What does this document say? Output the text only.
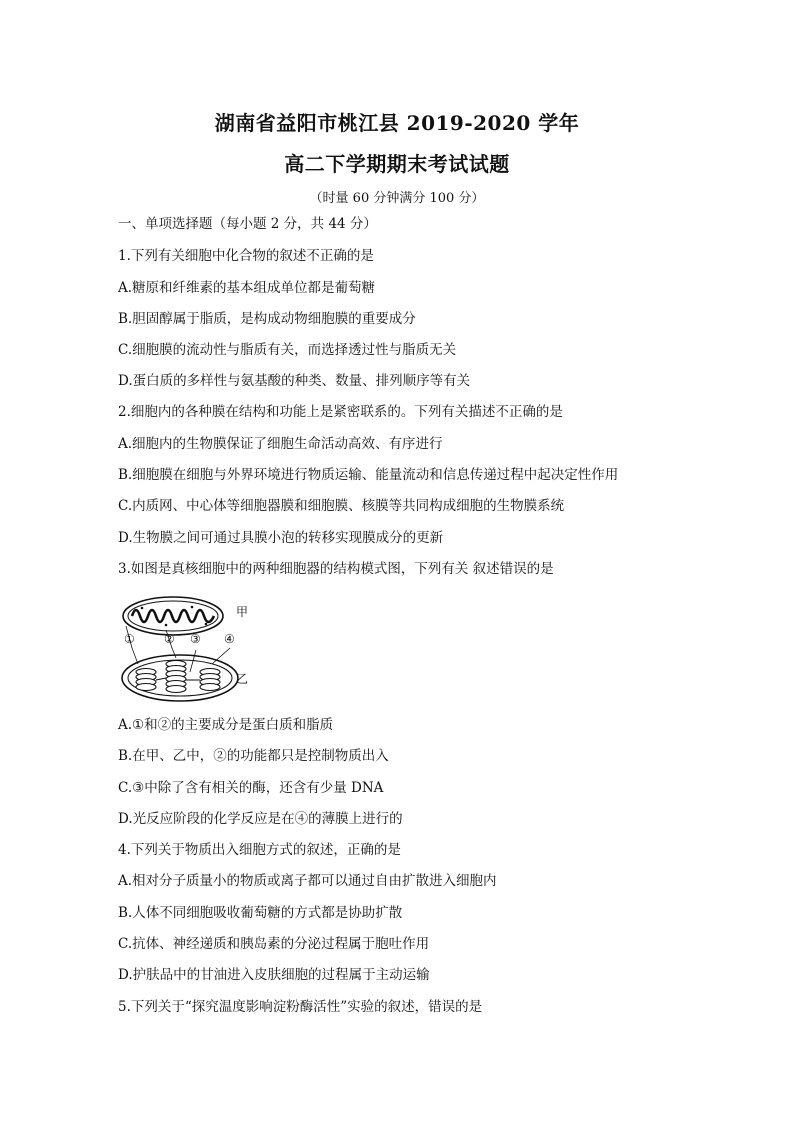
湖南省益阳市桃江县 2019-2020 学年
高二下学期期末考试试题
（时量 60 分钟满分 100 分）
一、单项选择题（每小题 2 分，共 44 分）
1.下列有关细胞中化合物的叙述不正确的是
A.糖原和纤维素的基本组成单位都是葡萄糖
B.胆固醇属于脂质，是构成动物细胞膜的重要成分
C.细胞膜的流动性与脂质有关，而选择透过性与脂质无关
D.蛋白质的多样性与氨基酸的种类、数量、排列顺序等有关
2.细胞内的各种膜在结构和功能上是紧密联系的。下列有关描述不正确的是
A.细胞内的生物膜保证了细胞生命活动高效、有序进行
B.细胞膜在细胞与外界环境进行物质运输、能量流动和信息传递过程中起决定性作用
C.内质网、中心体等细胞器膜和细胞膜、核膜等共同构成细胞的生物膜系统
D.生物膜之间可通过具膜小泡的转移实现膜成分的更新
3.如图是真核细胞中的两种细胞器的结构模式图，下列有关 叙述错误的是
甲
乙
① ② ③ ④
A.①和②的主要成分是蛋白质和脂质
B.在甲、乙中，②的功能都只是控制物质出入
C.③中除了含有相关的酶，还含有少量 DNA
D.光反应阶段的化学反应是在④的薄膜上进行的
4.下列关于物质出入细胞方式的叙述，正确的是
A.相对分子质量小的物质或离子都可以通过自由扩散进入细胞内
B.人体不同细胞吸收葡萄糖的方式都是协助扩散
C.抗体、神经递质和胰岛素的分泌过程属于胞吐作用
D.护肤品中的甘油进入皮肤细胞的过程属于主动运输
5.下列关于“探究温度影响淀粉酶活性”实验的叙述，错误的是
